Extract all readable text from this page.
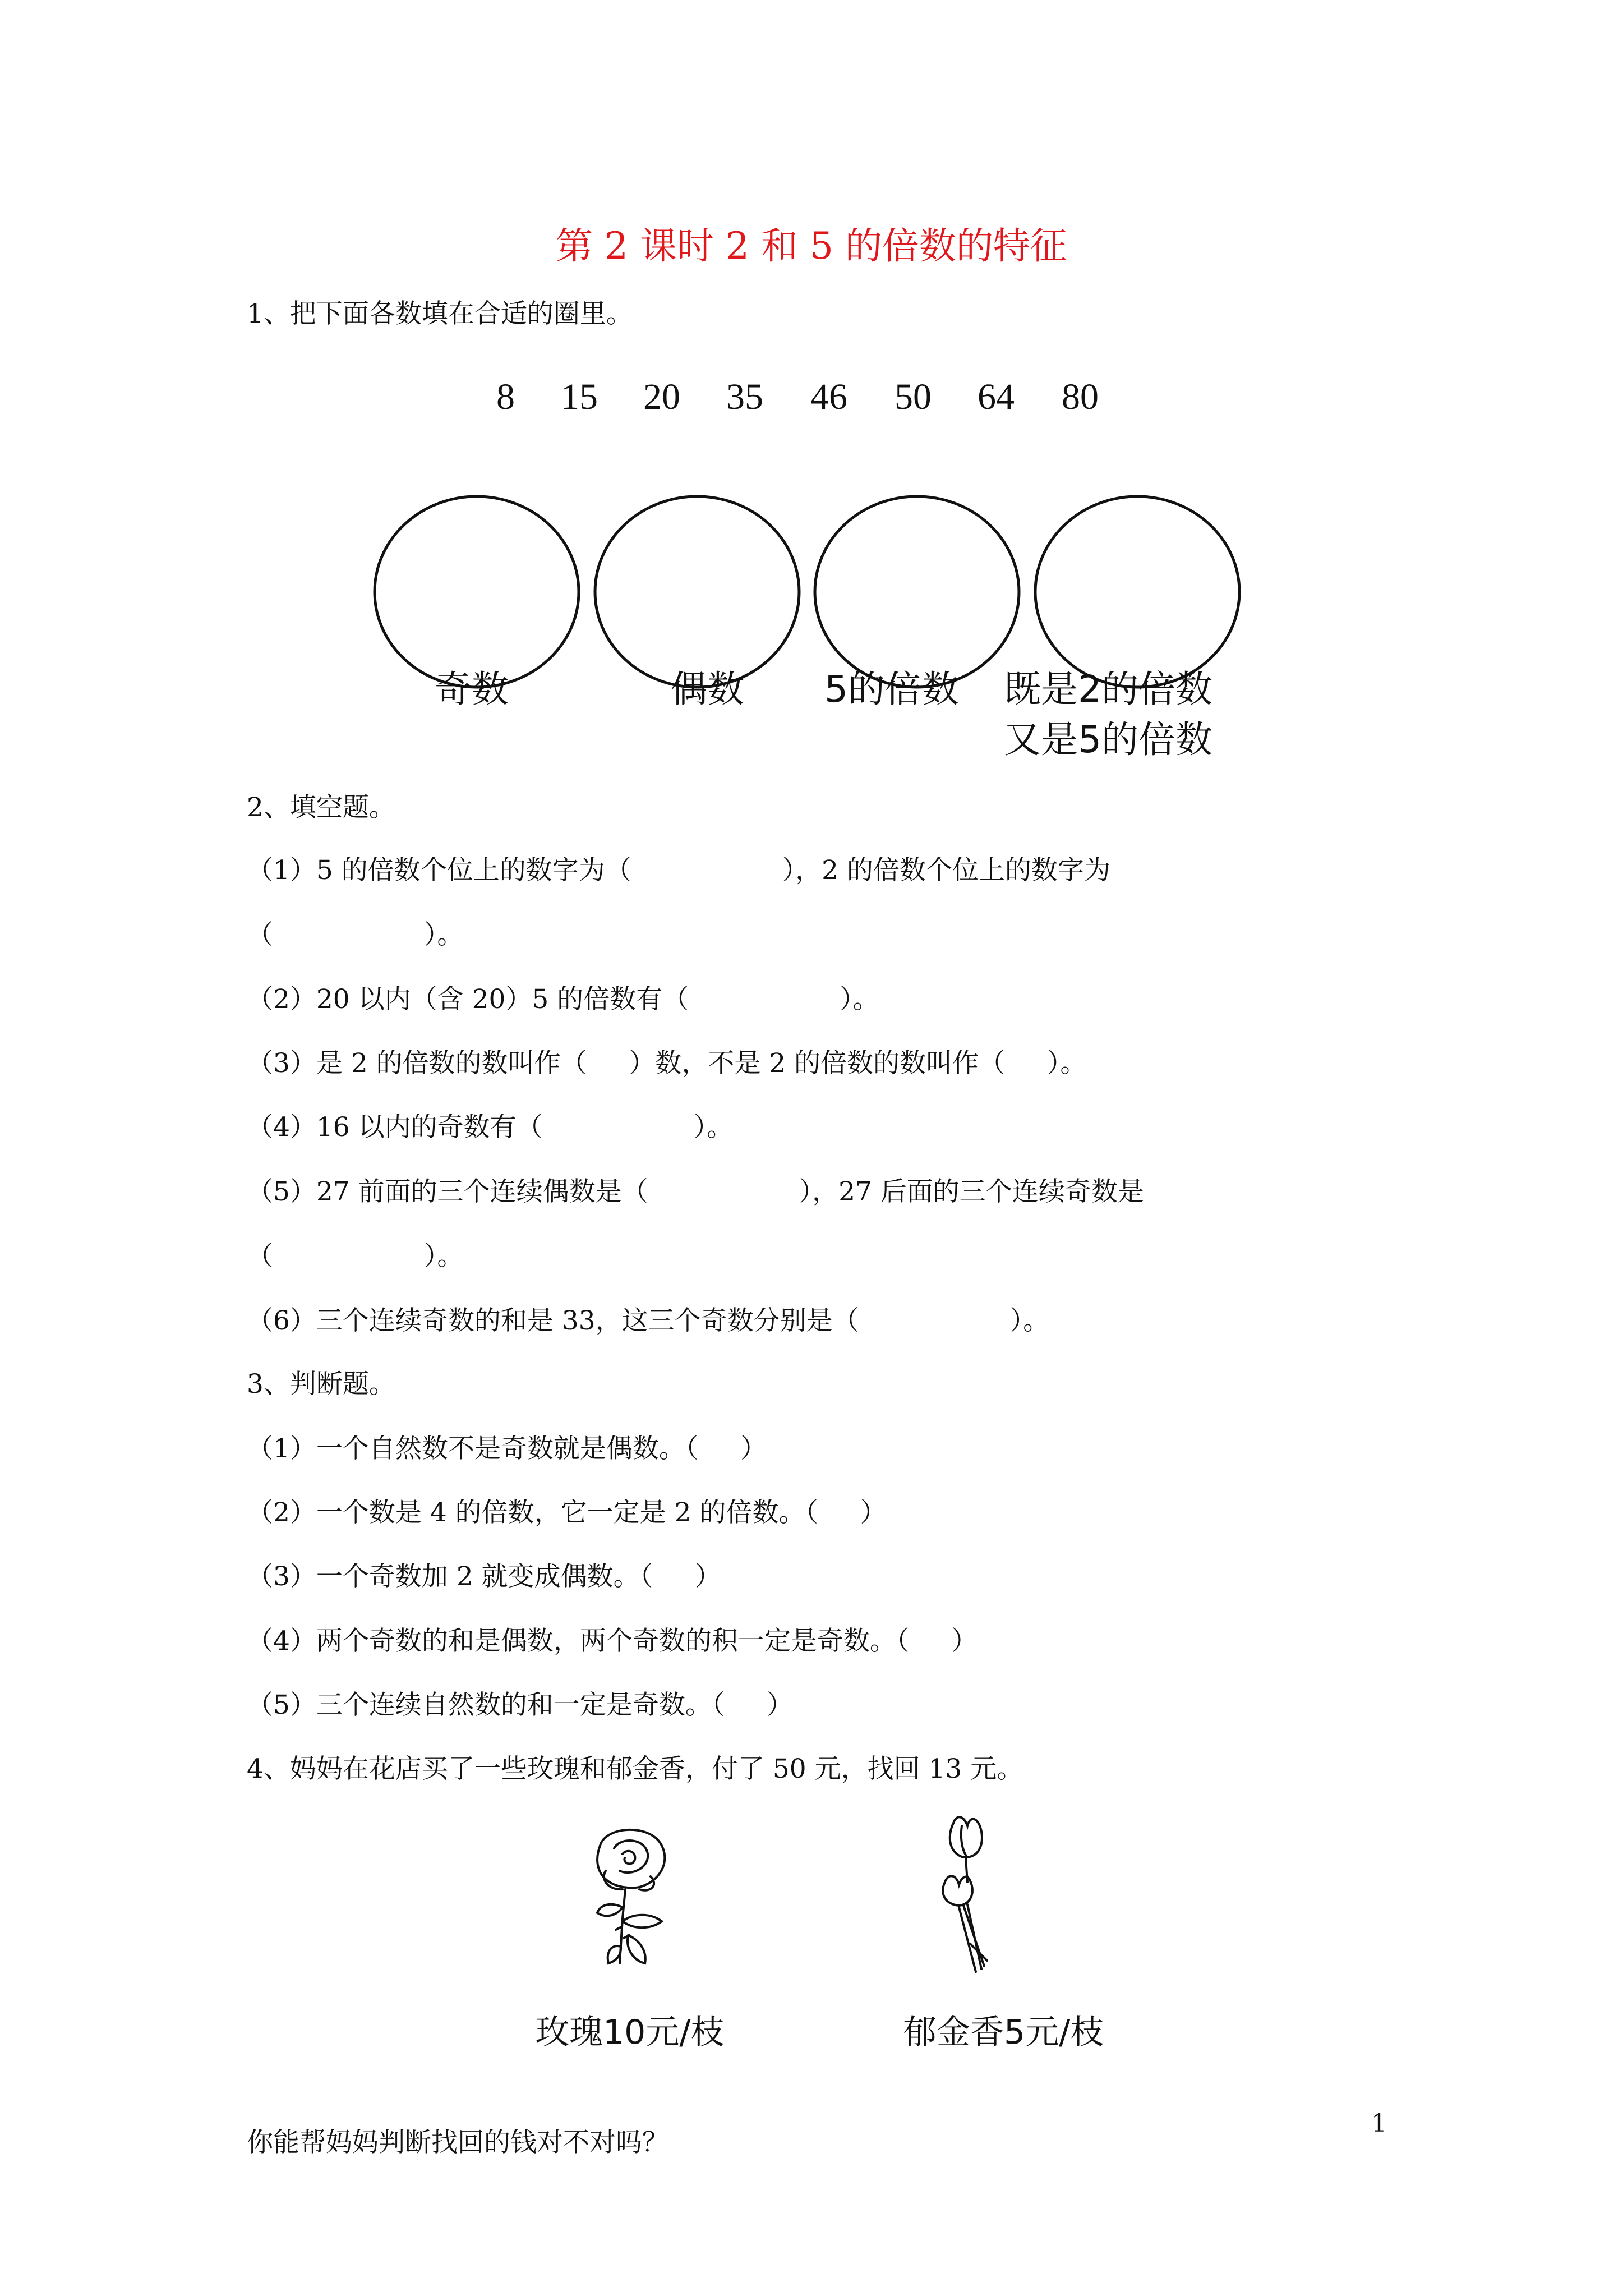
第 2 课时 2 和 5 的倍数的特征
1、把下面各数填在合适的圈里。
8 15 20 35 46 50 64 80
奇数	偶数 5的倍数 既是2的倍数
又是5的倍数
2、填空题。
（1）5 的倍数个位上的数字为（                  ），2 的倍数个位上的数字为
（                  ）。
（2）20 以内（含 20）5 的倍数有（                  ）。
（3）是 2 的倍数的数叫作（     ）数，不是 2 的倍数的数叫作（     ）。
（4）16 以内的奇数有（                  ）。
（5）27 前面的三个连续偶数是（                  ），27 后面的三个连续奇数是
（                  ）。
（6）三个连续奇数的和是 33，这三个奇数分别是（                  ）。
3、判断题。
（1）一个自然数不是奇数就是偶数。（     ）
（2）一个数是 4 的倍数，它一定是 2 的倍数。（     ）
（3）一个奇数加 2 就变成偶数。（     ）
（4）两个奇数的和是偶数，两个奇数的积一定是奇数。（     ）
（5）三个连续自然数的和一定是奇数。（     ）
4、妈妈在花店买了一些玫瑰和郁金香，付了 50 元，找回 13 元。
玫瑰10元/枝	郁金香5元/枝
你能帮妈妈判断找回的钱对不对吗？
1
